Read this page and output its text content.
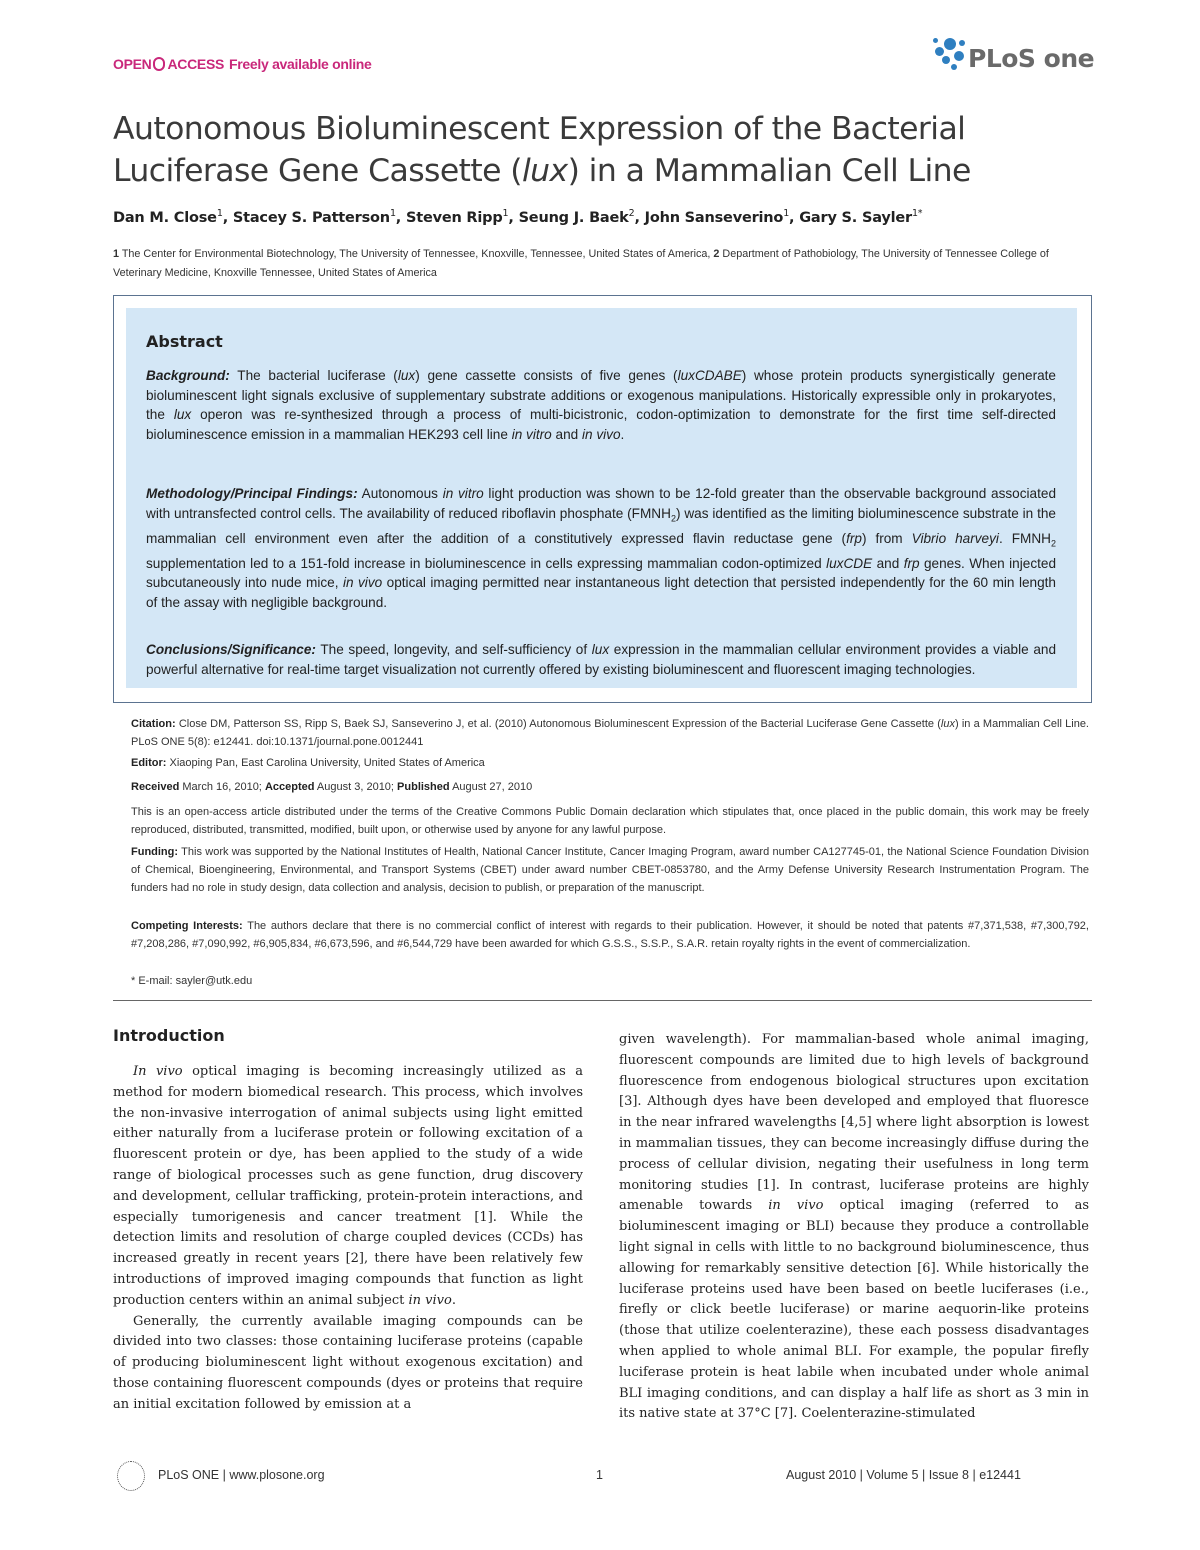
OPEN ACCESS Freely available online	PLoS one
Autonomous Bioluminescent Expression of the Bacterial
Luciferase Gene Cassette (lux) in a Mammalian Cell Line
Dan M. Close$^1$, Stacey S. Patterson$^1$, Steven Ripp$^1$, Seung J. Baek$^2$, John Sanseverino$^1$, Gary S. Sayler$^{1*}$
1 The Center for Environmental Biotechnology, The University of Tennessee, Knoxville, Tennessee, United States of America, 2 Department of Pathobiology, The University of Tennessee College of Veterinary Medicine, Knoxville Tennessee, United States of America
Abstract
Background: The bacterial luciferase (lux) gene cassette consists of five genes (luxCDABE) whose protein products synergistically generate bioluminescent light signals exclusive of supplementary substrate additions or exogenous manipulations. Historically expressible only in prokaryotes, the lux operon was re-synthesized through a process of multi-bicistronic, codon-optimization to demonstrate for the first time self-directed bioluminescence emission in a mammalian HEK293 cell line in vitro and in vivo.
Methodology/Principal Findings: Autonomous in vitro light production was shown to be 12-fold greater than the observable background associated with untransfected control cells. The availability of reduced riboflavin phosphate $(FMNH_2)$ was identified as the limiting bioluminescence substrate in the mammalian cell environment even after the addition of a constitutively expressed flavin reductase gene (frp) from Vibrio harveyi. $FMNH_2$ supplementation led to a 151-fold increase in bioluminescence in cells expressing mammalian codon-optimized luxCDE and frp genes. When injected subcutaneously into nude mice, in vivo optical imaging permitted near instantaneous light detection that persisted independently for the 60 min length of the assay with negligible background.
Conclusions/Significance: The speed, longevity, and self-sufficiency of lux expression in the mammalian cellular environment provides a viable and powerful alternative for real-time target visualization not currently offered by existing bioluminescent and fluorescent imaging technologies.
Citation: Close DM, Patterson SS, Ripp S, Baek SJ, Sanseverino J, et al. (2010) Autonomous Bioluminescent Expression of the Bacterial Luciferase Gene Cassette (lux) in a Mammalian Cell Line. PLoS ONE 5(8): e12441. doi:10.1371/journal.pone.0012441
Editor: Xiaoping Pan, East Carolina University, United States of America
Received March 16, 2010; Accepted August 3, 2010; Published August 27, 2010
This is an open-access article distributed under the terms of the Creative Commons Public Domain declaration which stipulates that, once placed in the public domain, this work may be freely reproduced, distributed, transmitted, modified, built upon, or otherwise used by anyone for any lawful purpose.
Funding: This work was supported by the National Institutes of Health, National Cancer Institute, Cancer Imaging Program, award number CA127745-01, the National Science Foundation Division of Chemical, Bioengineering, Environmental, and Transport Systems (CBET) under award number CBET-0853780, and the Army Defense University Research Instrumentation Program. The funders had no role in study design, data collection and analysis, decision to publish, or preparation of the manuscript.
Competing Interests: The authors declare that there is no commercial conflict of interest with regards to their publication. However, it should be noted that patents #7,371,538, #7,300,792, #7,208,286, #7,090,992, #6,905,834, #6,673,596, and #6,544,729 have been awarded for which G.S.S., S.S.P., S.A.R. retain royalty rights in the event of commercialization.
* E-mail: sayler@utk.edu
Introduction

In vivo optical imaging is becoming increasingly utilized as a method for modern biomedical research. This process, which involves the non-invasive interrogation of animal subjects using light emitted either naturally from a luciferase protein or following excitation of a fluorescent protein or dye, has been applied to the study of a wide range of biological processes such as gene function, drug discovery and development, cellular trafficking, protein-protein interactions, and especially tumorigenesis and cancer treatment [1]. While the detection limits and resolution of charge coupled devices (CCDs) has increased greatly in recent years [2], there have been relatively few introductions of improved imaging compounds that function as light production centers within an animal subject in vivo.

Generally, the currently available imaging compounds can be divided into two classes: those containing luciferase proteins (capable of producing bioluminescent light without exogenous excitation) and those containing fluorescent compounds (dyes or proteins that require an initial excitation followed by emission at a

given wavelength). For mammalian-based whole animal imaging, fluorescent compounds are limited due to high levels of background fluorescence from endogenous biological structures upon excitation [3]. Although dyes have been developed and employed that fluoresce in the near infrared wavelengths [4,5] where light absorption is lowest in mammalian tissues, they can become increasingly diffuse during the process of cellular division, negating their usefulness in long term monitoring studies [1]. In contrast, luciferase proteins are highly amenable towards in vivo optical imaging (referred to as bioluminescent imaging or BLI) because they produce a controllable light signal in cells with little to no background bioluminescence, thus allowing for remarkably sensitive detection [6]. While historically the luciferase proteins used have been based on beetle luciferases (i.e., firefly or click beetle luciferase) or marine aequorin-like proteins (those that utilize coelenterazine), these each possess disadvantages when applied to whole animal BLI. For example, the popular firefly luciferase protein is heat labile when incubated under whole animal BLI imaging conditions, and can display a half life as short as 3 min in its native state at 37°C [7]. Coelenterazine-stimulated

PLoS ONE | www.plosone.org	1	August 2010 | Volume 5 | Issue 8 | e12441
